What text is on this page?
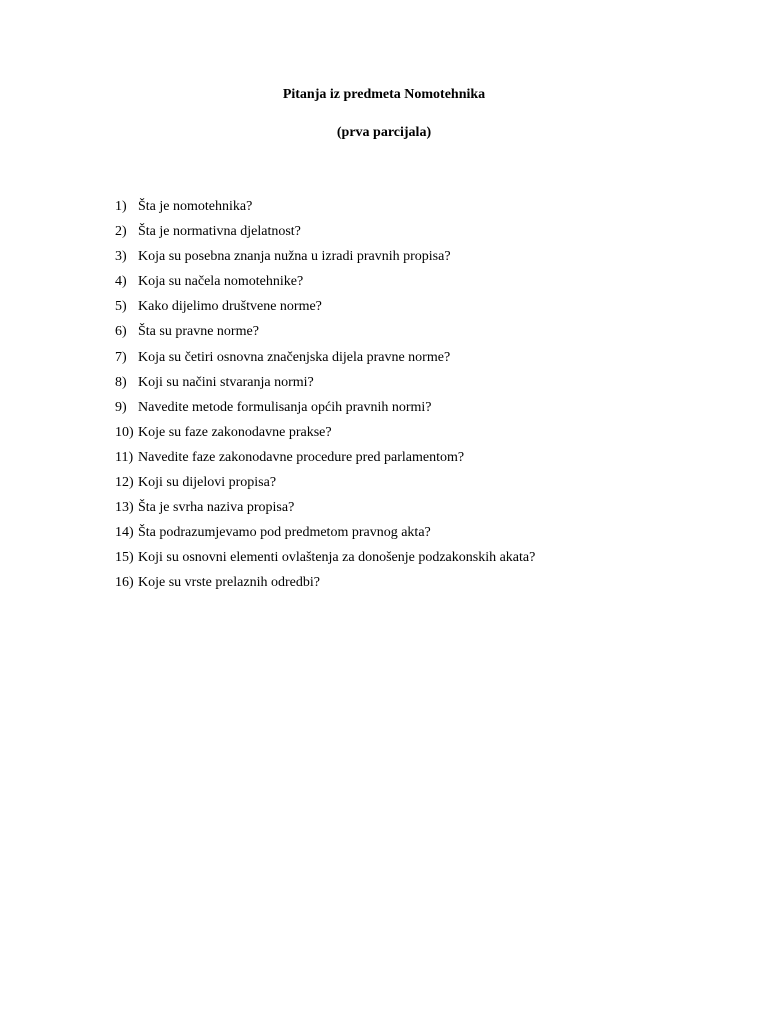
Pitanja iz predmeta Nomotehnika
(prva parcijala)
1) Šta je nomotehnika?
2) Šta je normativna djelatnost?
3) Koja su posebna znanja nužna u izradi pravnih propisa?
4) Koja su načela nomotehnike?
5) Kako dijelimo društvene norme?
6) Šta su pravne norme?
7) Koja su četiri osnovna značenjska dijela pravne norme?
8) Koji su načini stvaranja normi?
9) Navedite metode formulisanja općih pravnih normi?
10) Koje su faze zakonodavne prakse?
11) Navedite faze zakonodavne procedure pred parlamentom?
12) Koji su dijelovi propisa?
13) Šta je svrha naziva propisa?
14) Šta podrazumjevamo pod predmetom pravnog akta?
15) Koji su osnovni elementi ovlaštenja za donošenje podzakonskih akata?
16) Koje su vrste prelaznih odredbi?
